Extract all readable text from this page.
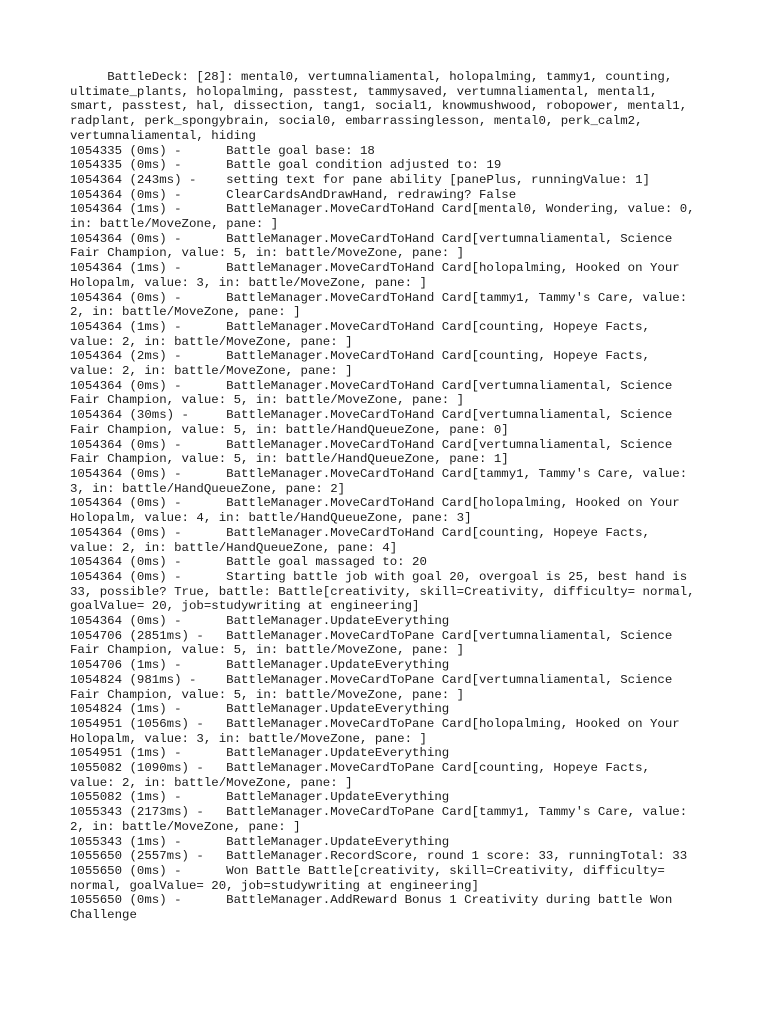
BattleDeck: [28]: mental0, vertumnaliamental, holopalming, tammy1, counting, ultimate_plants, holopalming, passtest, tammysaved, vertumnaliamental, mental1, smart, passtest, hal, dissection, tang1, social1, knowmushwood, robopower, mental1, radplant, perk_spongybrain, social0, embarrassinglesson, mental0, perk_calm2, vertumnaliamental, hiding
1054335 (0ms) -      Battle goal base: 18
1054335 (0ms) -      Battle goal condition adjusted to: 19
1054364 (243ms) -    setting text for pane ability [panePlus, runningValue: 1]
1054364 (0ms) -      ClearCardsAndDrawHand, redrawing? False
1054364 (1ms) -      BattleManager.MoveCardToHand Card[mental0, Wondering, value: 0, in: battle/MoveZone, pane: ]
1054364 (0ms) -      BattleManager.MoveCardToHand Card[vertumnaliamental, Science Fair Champion, value: 5, in: battle/MoveZone, pane: ]
1054364 (1ms) -      BattleManager.MoveCardToHand Card[holopalming, Hooked on Your Holopalm, value: 3, in: battle/MoveZone, pane: ]
1054364 (0ms) -      BattleManager.MoveCardToHand Card[tammy1, Tammy's Care, value: 2, in: battle/MoveZone, pane: ]
1054364 (1ms) -      BattleManager.MoveCardToHand Card[counting, Hopeye Facts, value: 2, in: battle/MoveZone, pane: ]
1054364 (2ms) -      BattleManager.MoveCardToHand Card[counting, Hopeye Facts, value: 2, in: battle/MoveZone, pane: ]
1054364 (0ms) -      BattleManager.MoveCardToHand Card[vertumnaliamental, Science Fair Champion, value: 5, in: battle/MoveZone, pane: ]
1054364 (30ms) -     BattleManager.MoveCardToHand Card[vertumnaliamental, Science Fair Champion, value: 5, in: battle/HandQueueZone, pane: 0]
1054364 (0ms) -      BattleManager.MoveCardToHand Card[vertumnaliamental, Science Fair Champion, value: 5, in: battle/HandQueueZone, pane: 1]
1054364 (0ms) -      BattleManager.MoveCardToHand Card[tammy1, Tammy's Care, value: 3, in: battle/HandQueueZone, pane: 2]
1054364 (0ms) -      BattleManager.MoveCardToHand Card[holopalming, Hooked on Your Holopalm, value: 4, in: battle/HandQueueZone, pane: 3]
1054364 (0ms) -      BattleManager.MoveCardToHand Card[counting, Hopeye Facts, value: 2, in: battle/HandQueueZone, pane: 4]
1054364 (0ms) -      Battle goal massaged to: 20
1054364 (0ms) -      Starting battle job with goal 20, overgoal is 25, best hand is 33, possible? True, battle: Battle[creativity, skill=Creativity, difficulty= normal, goalValue= 20, job=studywriting at engineering]
1054364 (0ms) -      BattleManager.UpdateEverything
1054706 (2851ms) -   BattleManager.MoveCardToPane Card[vertumnaliamental, Science Fair Champion, value: 5, in: battle/MoveZone, pane: ]
1054706 (1ms) -      BattleManager.UpdateEverything
1054824 (981ms) -    BattleManager.MoveCardToPane Card[vertumnaliamental, Science Fair Champion, value: 5, in: battle/MoveZone, pane: ]
1054824 (1ms) -      BattleManager.UpdateEverything
1054951 (1056ms) -   BattleManager.MoveCardToPane Card[holopalming, Hooked on Your Holopalm, value: 3, in: battle/MoveZone, pane: ]
1054951 (1ms) -      BattleManager.UpdateEverything
1055082 (1090ms) -   BattleManager.MoveCardToPane Card[counting, Hopeye Facts, value: 2, in: battle/MoveZone, pane: ]
1055082 (1ms) -      BattleManager.UpdateEverything
1055343 (2173ms) -   BattleManager.MoveCardToPane Card[tammy1, Tammy's Care, value: 2, in: battle/MoveZone, pane: ]
1055343 (1ms) -      BattleManager.UpdateEverything
1055650 (2557ms) -   BattleManager.RecordScore, round 1 score: 33, runningTotal: 33
1055650 (0ms) -      Won Battle Battle[creativity, skill=Creativity, difficulty= normal, goalValue= 20, job=studywriting at engineering]
1055650 (0ms) -      BattleManager.AddReward Bonus 1 Creativity during battle Won Challenge
